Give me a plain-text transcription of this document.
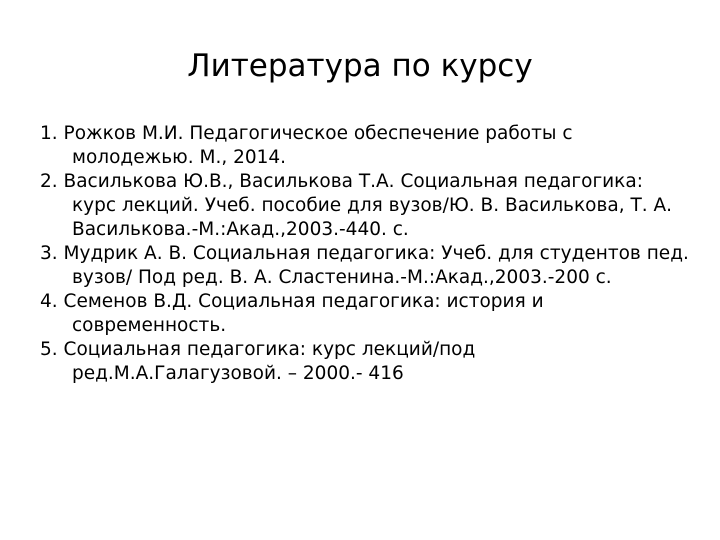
Литература по курсу
1. Рожков М.И. Педагогическое обеспечение работы с молодежью. М., 2014.
2. Василькова Ю.В., Василькова Т.А. Социальная педагогика: курс лекций. Учеб. пособие для вузов/Ю. В. Василькова, Т. А. Василькова.-М.:Акад.,2003.-440. с.
3. Мудрик А. В. Социальная педагогика: Учеб. для студентов пед. вузов/ Под ред. В. А. Сластенина.-М.:Акад.,2003.-200 с.
4. Семенов В.Д. Социальная педагогика: история и современность.
5. Социальная педагогика: курс лекций/под ред.М.А.Галагузовой. – 2000.- 416
